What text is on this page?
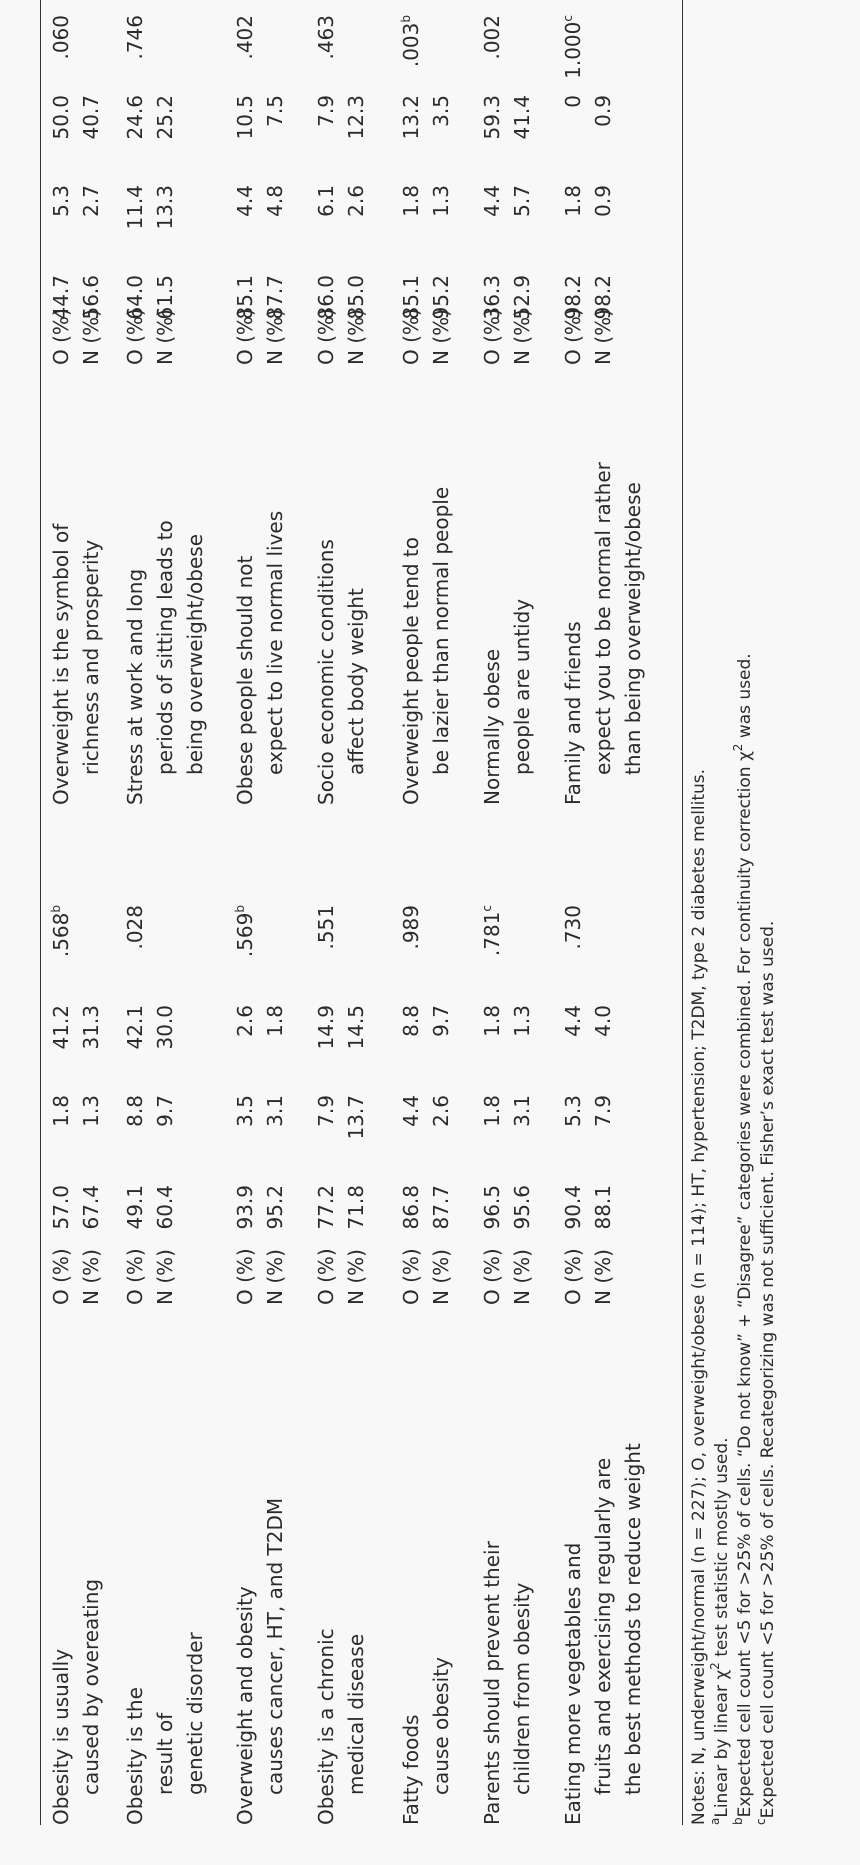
Obesity is usually caused by overeating
O (%) N (%)
57.0 67.4
1.8 1.3
41.2 31.3
.568$^b$
Overweight is the symbol of richness and prosperity
O (%) N (%)
44.7 56.6
5.3 2.7
50.0 40.7
.060
Obesity is the result of genetic disorder
O (%) N (%)
49.1 60.4
8.8 9.7
42.1 30.0
.028
Stress at work and long periods of sitting leads to being overweight/obese
O (%) N (%)
64.0 61.5
11.4 13.3
24.6 25.2
.746
Overweight and obesity causes cancer, HT, and T2DM
O (%) N (%)
93.9 95.2
3.5 3.1
2.6 1.8
.569$^b$
Obese people should not expect to live normal lives
O (%) N (%)
85.1 87.7
4.4 4.8
10.5 7.5
.402
Obesity is a chronic medical disease
O (%) N (%)
77.2 71.8
7.9 13.7
14.9 14.5
.551
Socio economic conditions affect body weight
O (%) N (%)
86.0 85.0
6.1 2.6
7.9 12.3
.463
Fatty foods cause obesity
O (%) N (%)
86.8 87.7
4.4 2.6
8.8 9.7
.989
Overweight people tend to be lazier than normal people
O (%) N (%)
85.1 95.2
1.8 1.3
13.2 3.5
.003$^b$
Parents should prevent their children from obesity
O (%) N (%)
96.5 95.6
1.8 3.1
1.8 1.3
.781$^c$
Normally obese people are untidy
O (%) N (%)
36.3 52.9
4.4 5.7
59.3 41.4
.002
Eating more vegetables and fruits and exercising regularly are the best methods to reduce weight
O (%) N (%)
90.4 88.1
5.3 7.9
4.4 4.0
.730
Family and friends expect you to be normal rather than being overweight/obese
O (%) N (%)
98.2 98.2
1.8 0.9
0 0.9
1.000$^c$
Notes: N, underweight/normal (n = 227); O, overweight/obese (n = 114); HT, hypertension; T2DM, type 2 diabetes mellitus. $^a$Linear by linear $\chi^2$ test statistic mostly used.
$^b$Expected cell count <5 for >25% of cells. “Do not know” + “Disagree” categories were combined. For continuity correction $\chi^2$ was used.
$^c$Expected cell count <5 for >25% of cells. Recategorizing was not sufficient. Fisher’s exact test was used.
